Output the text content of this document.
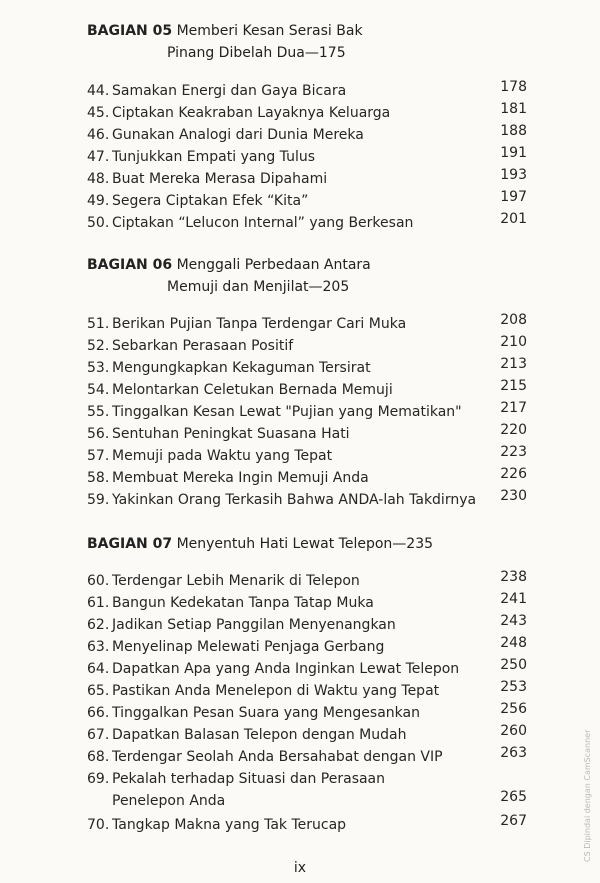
BAGIAN 05 Memberi Kesan Serasi Bak
Pinang Dibelah Dua—175
44. Samakan Energi dan Gaya Bicara	178
45. Ciptakan Keakraban Layaknya Keluarga	181
46. Gunakan Analogi dari Dunia Mereka	188
47. Tunjukkan Empati yang Tulus	191
48. Buat Mereka Merasa Dipahami	193
49. Segera Ciptakan Efek “Kita”	197
50. Ciptakan “Lelucon Internal” yang Berkesan	201
BAGIAN 06 Menggali Perbedaan Antara
Memuji dan Menjilat—205
51. Berikan Pujian Tanpa Terdengar Cari Muka	208
52. Sebarkan Perasaan Positif	210
53. Mengungkapkan Kekaguman Tersirat	213
54. Melontarkan Celetukan Bernada Memuji	215
55. Tinggalkan Kesan Lewat "Pujian yang Mematikan"	217
56. Sentuhan Peningkat Suasana Hati	220
57. Memuji pada Waktu yang Tepat	223
58. Membuat Mereka Ingin Memuji Anda	226
59. Yakinkan Orang Terkasih Bahwa ANDA-lah Takdirnya 230
BAGIAN 07 Menyentuh Hati Lewat Telepon—235
60. Terdengar Lebih Menarik di Telepon	238
61. Bangun Kedekatan Tanpa Tatap Muka	241
62. Jadikan Setiap Panggilan Menyenangkan	243
63. Menyelinap Melewati Penjaga Gerbang	248
64. Dapatkan Apa yang Anda Inginkan Lewat Telepon	250
65. Pastikan Anda Menelepon di Waktu yang Tepat	253
66. Tinggalkan Pesan Suara yang Mengesankan	256
67. Dapatkan Balasan Telepon dengan Mudah	260
68. Terdengar Seolah Anda Bersahabat dengan VIP	263
69. Pekalah terhadap Situasi dan Perasaan
Penelepon Anda	265
70. Tangkap Makna yang Tak Terucap	267
ix
CS Dipindai dengan CamScanner
